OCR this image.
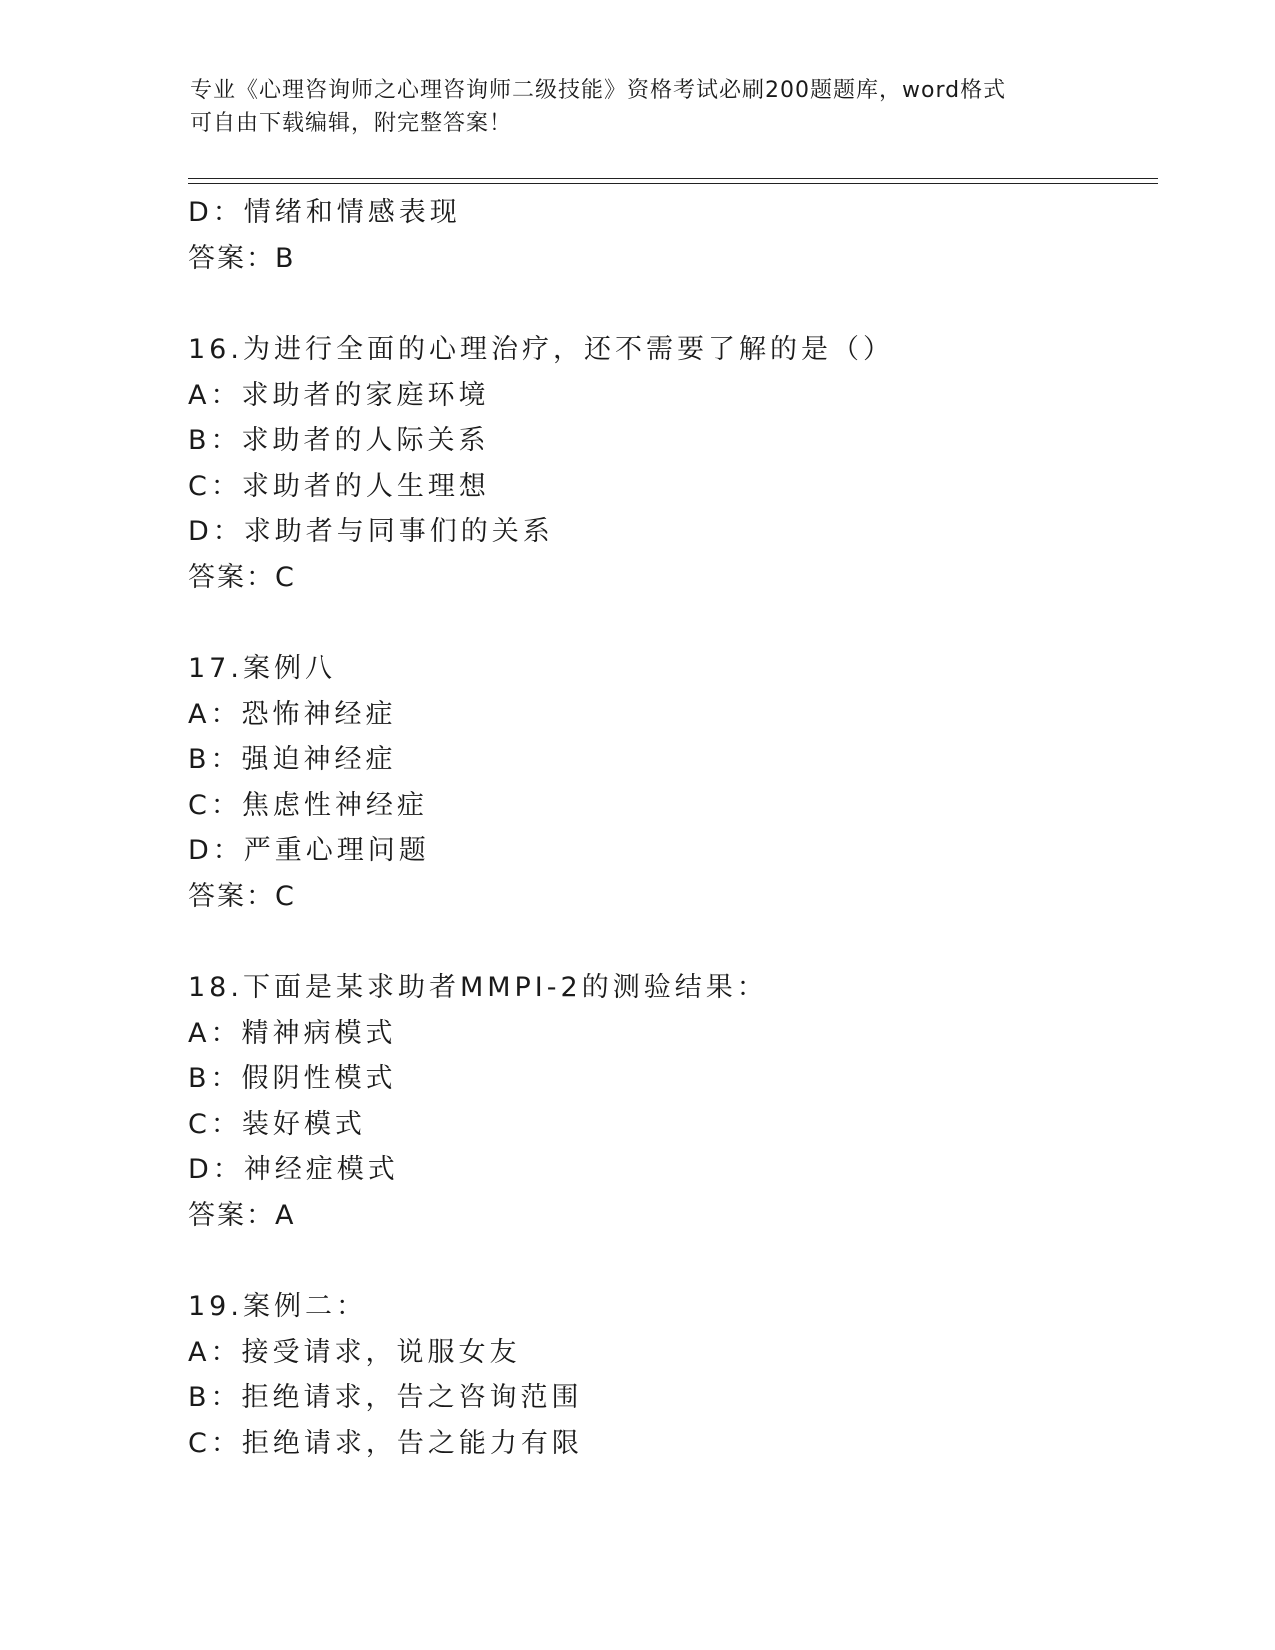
专业《心理咨询师之心理咨询师二级技能》资格考试必刷200题题库，word格式
可自由下载编辑，附完整答案！
D：情绪和情感表现
答案：B
16.为进行全面的心理治疗，还不需要了解的是（）
A：求助者的家庭环境
B：求助者的人际关系
C：求助者的人生理想
D：求助者与同事们的关系
答案：C
17.案例八
A：恐怖神经症
B：强迫神经症
C：焦虑性神经症
D：严重心理问题
答案：C
18.下面是某求助者MMPI-2的测验结果：
A：精神病模式
B：假阴性模式
C：装好模式
D：神经症模式
答案：A
19.案例二：
A：接受请求，说服女友
B：拒绝请求，告之咨询范围
C：拒绝请求，告之能力有限
